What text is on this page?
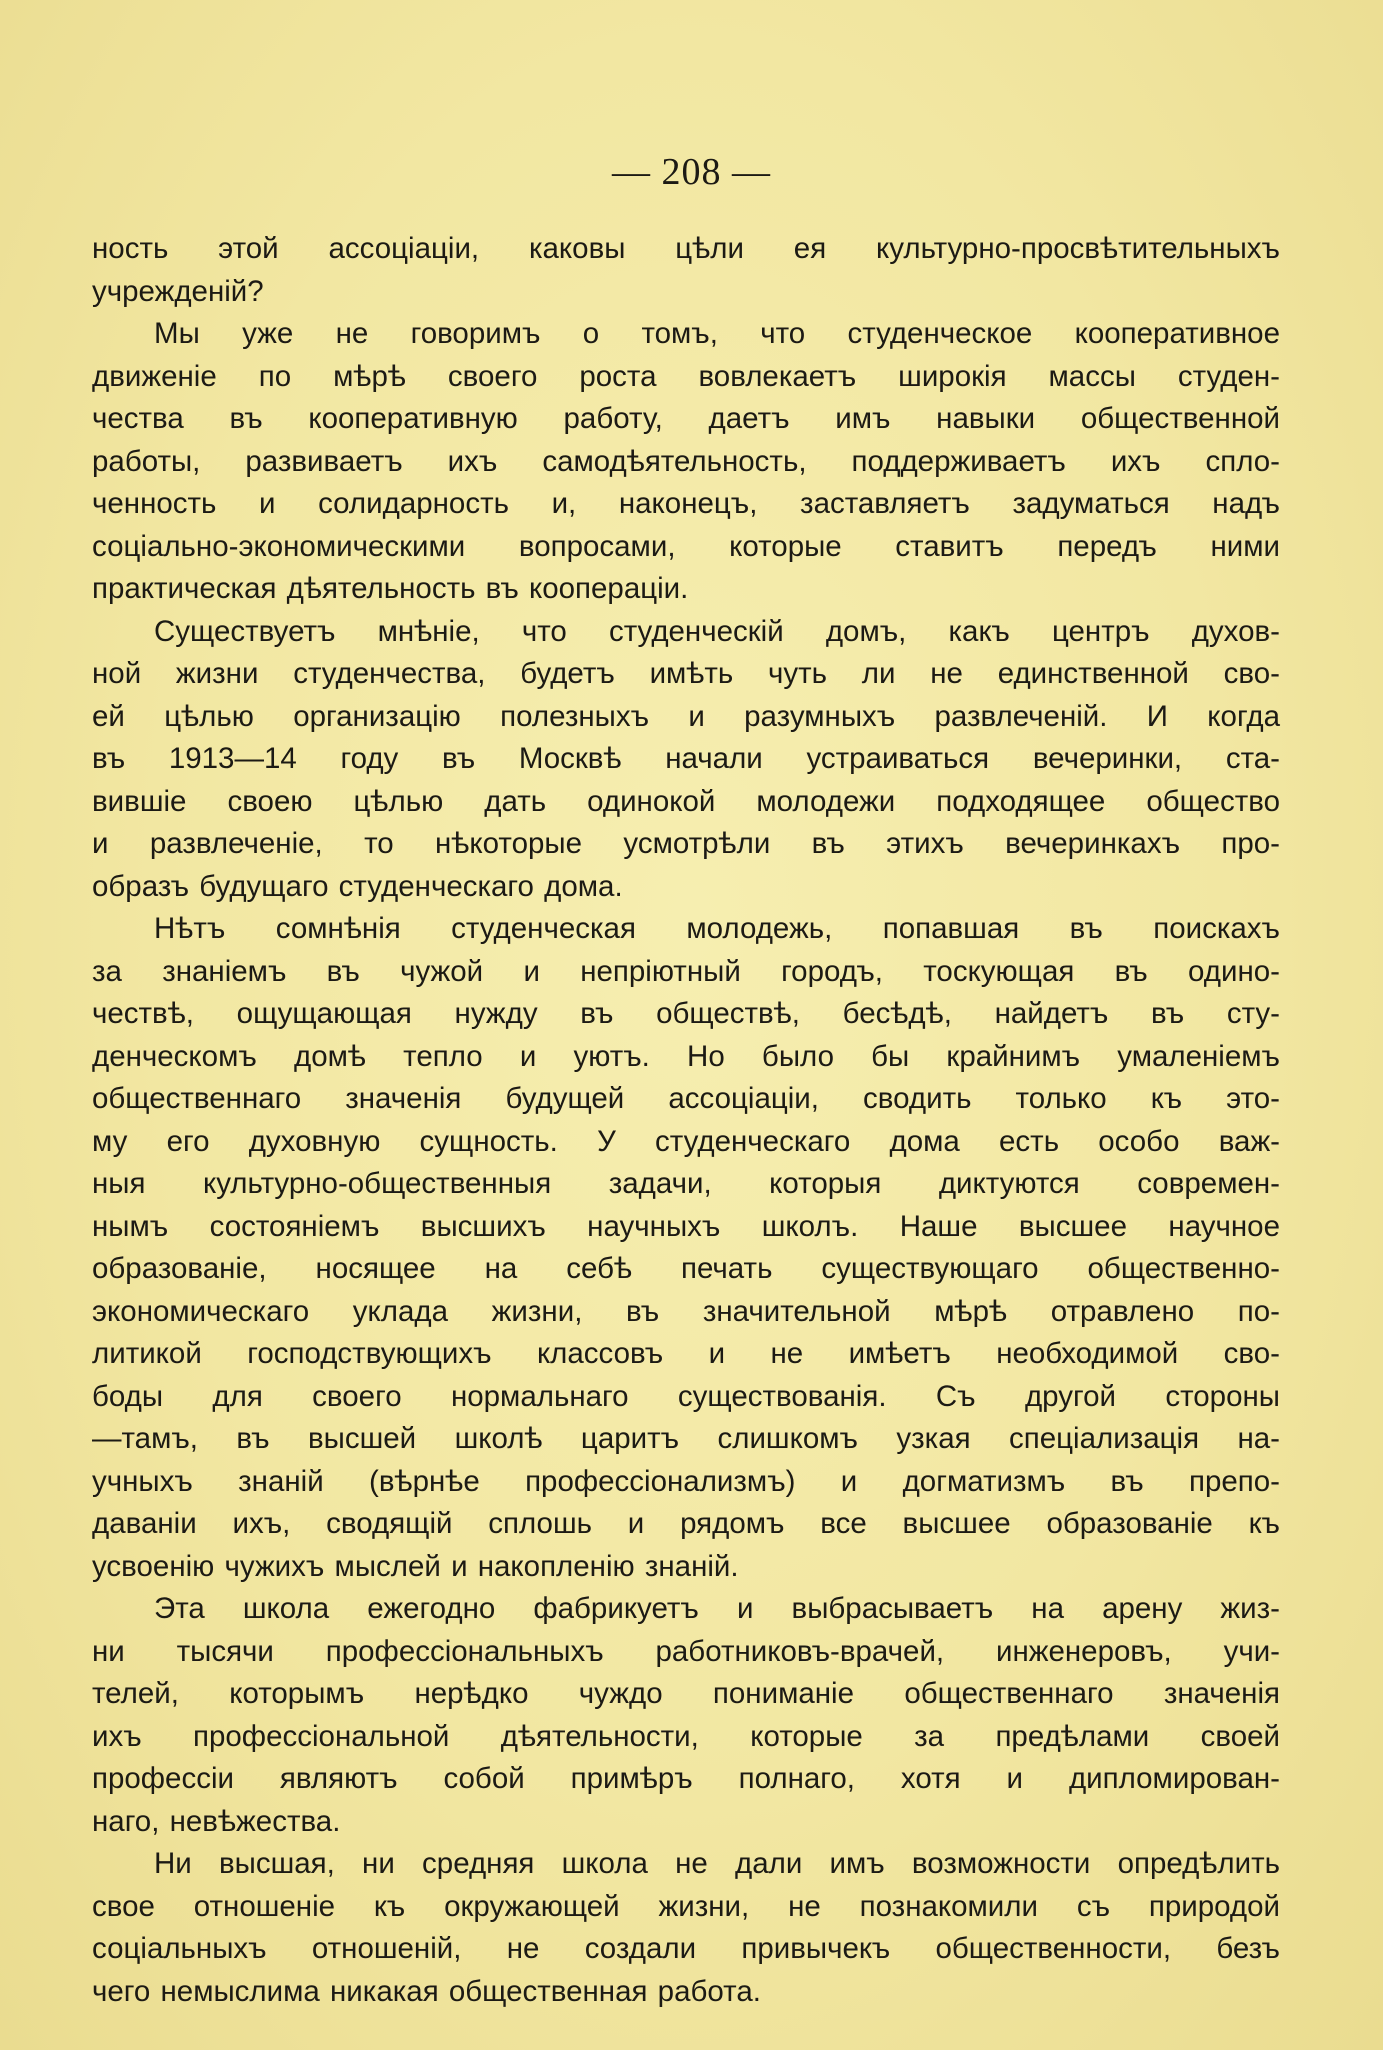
— 208 —
ность этой ассоціаціи, каковы цѣли ея культурно-просвѣтительныхъ
учрежденій?
Мы уже не говоримъ о томъ, что студенческое кооперативное
движеніе по мѣрѣ своего роста вовлекаетъ широкія массы студен-
чества въ кооперативную работу, даетъ имъ навыки общественной
работы, развиваетъ ихъ самодѣятельность, поддерживаетъ ихъ спло-
ченность и солидарность и, наконецъ, заставляетъ задуматься надъ
соціально-экономическими вопросами, которые ставитъ передъ ними
практическая дѣятельность въ коопераціи.
Существуетъ мнѣніе, что студенческій домъ, какъ центръ духов-
ной жизни студенчества, будетъ имѣть чуть ли не единственной сво-
ей цѣлью организацію полезныхъ и разумныхъ развлеченій. И когда
въ 1913—14 году въ Москвѣ начали устраиваться вечеринки, ста-
вившіе своею цѣлью дать одинокой молодежи подходящее общество
и развлеченіе, то нѣкоторые усмотрѣли въ этихъ вечеринкахъ про-
образъ будущаго студенческаго дома.
Нѣтъ сомнѣнія студенческая молодежь, попавшая въ поискахъ
за знаніемъ въ чужой и непріютный городъ, тоскующая въ одино-
чествѣ, ощущающая нужду въ обществѣ, бесѣдѣ, найдетъ въ сту-
денческомъ домѣ тепло и уютъ. Но было бы крайнимъ умаленіемъ
общественнаго значенія будущей ассоціаціи, сводить только къ это-
му его духовную сущность. У студенческаго дома есть особо важ-
ныя культурно-общественныя задачи, которыя диктуются современ-
нымъ состояніемъ высшихъ научныхъ школъ. Наше высшее научное
образованіе, носящее на себѣ печать существующаго общественно-
экономическаго уклада жизни, въ значительной мѣрѣ отравлено по-
литикой господствующихъ классовъ и не имѣетъ необходимой сво-
боды для своего нормальнаго существованія. Съ другой стороны
—тамъ, въ высшей школѣ царитъ слишкомъ узкая спеціализація на-
учныхъ знаній (вѣрнѣе профессіонализмъ) и догматизмъ въ препо-
даваніи ихъ, сводящій сплошь и рядомъ все высшее образованіе къ
усвоенію чужихъ мыслей и накопленію знаній.
Эта школа ежегодно фабрикуетъ и выбрасываетъ на арену жиз-
ни тысячи профессіональныхъ работниковъ-врачей, инженеровъ, учи-
телей, которымъ нерѣдко чуждо пониманіе общественнаго значенія
ихъ профессіональной дѣятельности, которые за предѣлами своей
профессіи являютъ собой примѣръ полнаго, хотя и дипломирован-
наго, невѣжества.
Ни высшая, ни средняя школа не дали имъ возможности опредѣлить
свое отношеніе къ окружающей жизни, не познакомили съ природой
соціальныхъ отношеній, не создали привычекъ общественности, безъ
чего немыслима никакая общественная работа.
